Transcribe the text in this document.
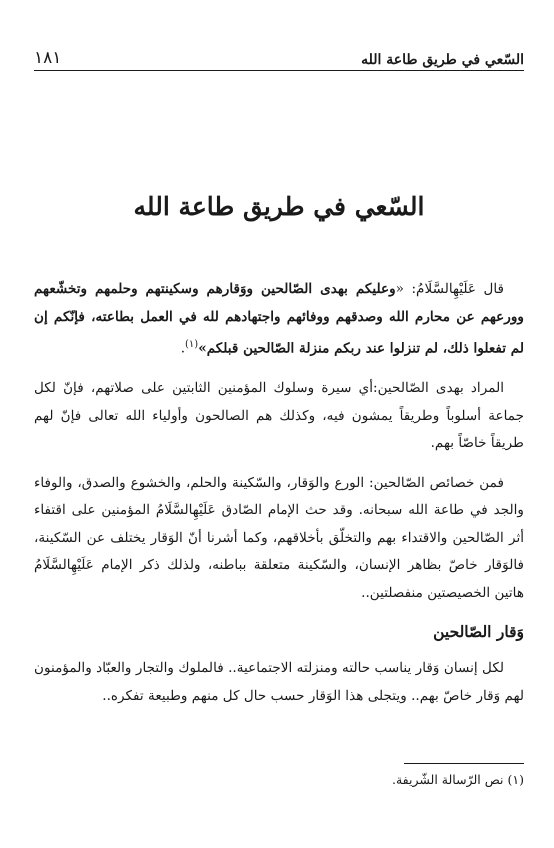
السّعي في طريق طاعة الله
١٨١
السّعي في طريق طاعة الله

قال عَلَيْهِالسَّلَامُ: «وعليكم بهدى الصّالحين ووَقارهم وسكينتهم وحلمهم وتخشّعهم وورعهم عن محارم الله وصدقهم ووفائهم واجتهادهم لله في العمل بطاعته، فإنّكم إن لم تفعلوا ذلك، لم تنزلوا عند ربكم منزلة الصّالحين قبلكم»$^{(١)}$.

المراد بهدى الصّالحين:أي سيرة وسلوك المؤمنين الثابتين على صلاتهم، فإنّ لكل جماعة أسلوباً وطريقاً يمشون فيه، وكذلك هم الصالحون وأولياء الله تعالى فإنّ لهم طريقاً خاصّاً بهم.

فمن خصائص الصّالحين: الورع والوَقار، والسّكينة والحلم، والخشوع والصدق، والوفاء والجد في طاعة الله سبحانه. وقد حث الإمام الصّادق عَلَيْهِالسَّلَامُ المؤمنين على اقتفاء أثر الصّالحين والاقتداء بهم والتخلّق بأخلاقهم، وكما أشرنا أنّ الوَقار يختلف عن السّكينة، فالوَقار خاصّ بظاهر الإنسان، والسّكينة متعلقة بباطنه، ولذلك ذكر الإمام عَلَيْهِالسَّلَامُ هاتين الخصيصتين منفصلتين..

وَقار الصّالحين

لكل إنسان وَقار يناسب حالته ومنزلته الاجتماعية.. فالملوك والتجار والعبّاد والمؤمنون لهم وَقار خاصّ بهم.. ويتجلى هذا الوَقار حسب حال كل منهم وطبيعة تفكره..

(١) نص الرّسالة الشّريفة.
